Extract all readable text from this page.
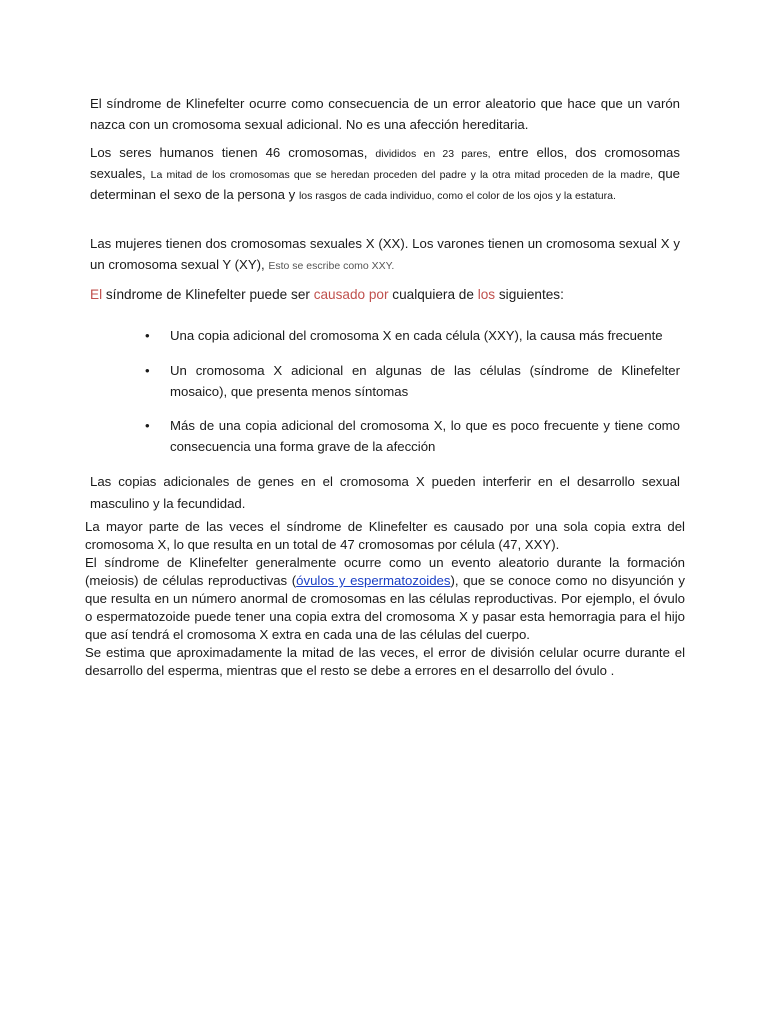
El síndrome de Klinefelter ocurre como consecuencia de un error aleatorio que hace que un varón nazca con un cromosoma sexual adicional. No es una afección hereditaria.

Los seres humanos tienen 46 cromosomas, divididos en 23 pares, entre ellos, dos cromosomas sexuales, La mitad de los cromosomas que se heredan proceden del padre y la otra mitad proceden de la madre, que determinan el sexo de la persona y los rasgos de cada individuo, como el color de los ojos y la estatura.

Las mujeres tienen dos cromosomas sexuales X (XX). Los varones tienen un cromosoma sexual X y un cromosoma sexual Y (XY), Esto se escribe como XXY.

El síndrome de Klinefelter puede ser causado por cualquiera de los siguientes:

• Una copia adicional del cromosoma X en cada célula (XXY), la causa más frecuente
• Un cromosoma X adicional en algunas de las células (síndrome de Klinefelter mosaico), que presenta menos síntomas
• Más de una copia adicional del cromosoma X, lo que es poco frecuente y tiene como consecuencia una forma grave de la afección

Las copias adicionales de genes en el cromosoma X pueden interferir en el desarrollo sexual masculino y la fecundidad.

La mayor parte de las veces el síndrome de Klinefelter es causado por una sola copia extra del cromosoma X, lo que resulta en un total de 47 cromosomas por célula (47, XXY).

El síndrome de Klinefelter generalmente ocurre como un evento aleatorio durante la formación (meiosis) de células reproductivas (óvulos y espermatozoides), que se conoce como no disyunción y que resulta en un número anormal de cromosomas en las células reproductivas. Por ejemplo, el óvulo o espermatozoide puede tener una copia extra del cromosoma X y pasar esta hemorragia para el hijo que así tendrá el cromosoma X extra en cada una de las células del cuerpo.

Se estima que aproximadamente la mitad de las veces, el error de división celular ocurre durante el desarrollo del esperma, mientras que el resto se debe a errores en el desarrollo del óvulo .
